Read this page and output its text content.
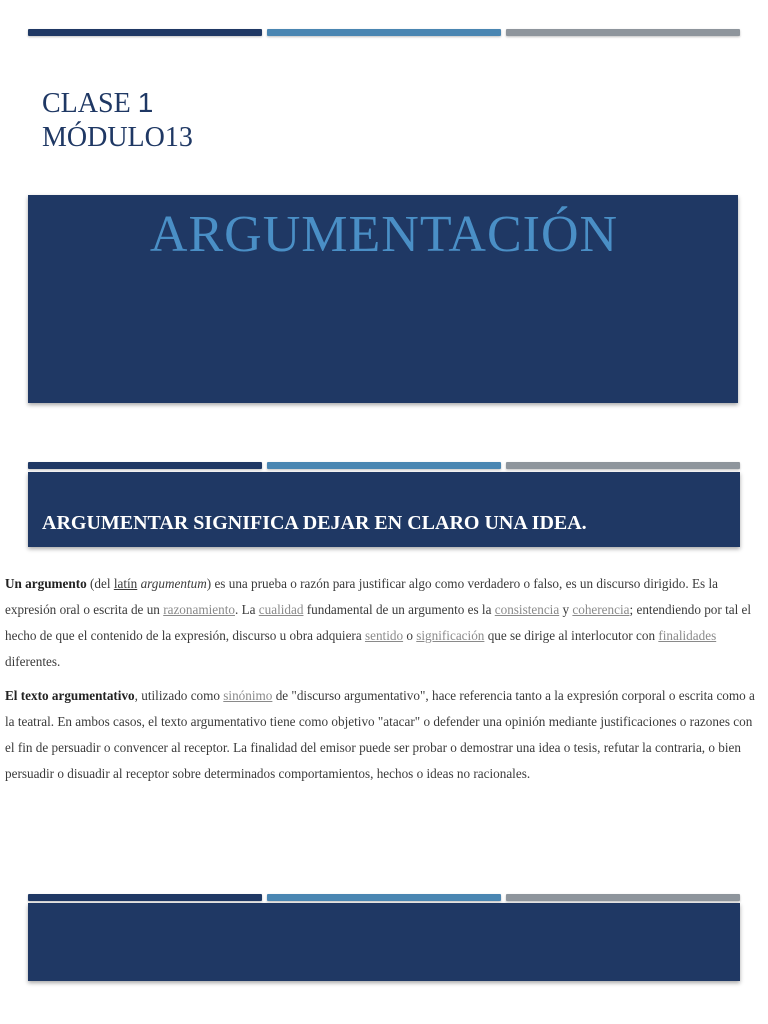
CLASE 1
MÓDULO13
ARGUMENTACIÓN
ARGUMENTAR SIGNIFICA DEJAR EN CLARO UNA IDEA.

Un argumento (del latín argumentum) es una prueba o razón para justificar algo como verdadero o falso, es un discurso dirigido. Es la expresión oral o escrita de un razonamiento. La cualidad fundamental de un argumento es la consistencia y coherencia; entendiendo por tal el hecho de que el contenido de la expresión, discurso u obra adquiera sentido o significación que se dirige al interlocutor con finalidades diferentes.

El texto argumentativo, utilizado como sinónimo de "discurso argumentativo", hace referencia tanto a la expresión corporal o escrita como a la teatral. En ambos casos, el texto argumentativo tiene como objetivo "atacar" o defender una opinión mediante justificaciones o razones con el fin de persuadir o convencer al receptor. La finalidad del emisor puede ser probar o demostrar una idea o tesis, refutar la contraria, o bien persuadir o disuadir al receptor sobre determinados comportamientos, hechos o ideas no racionales.
